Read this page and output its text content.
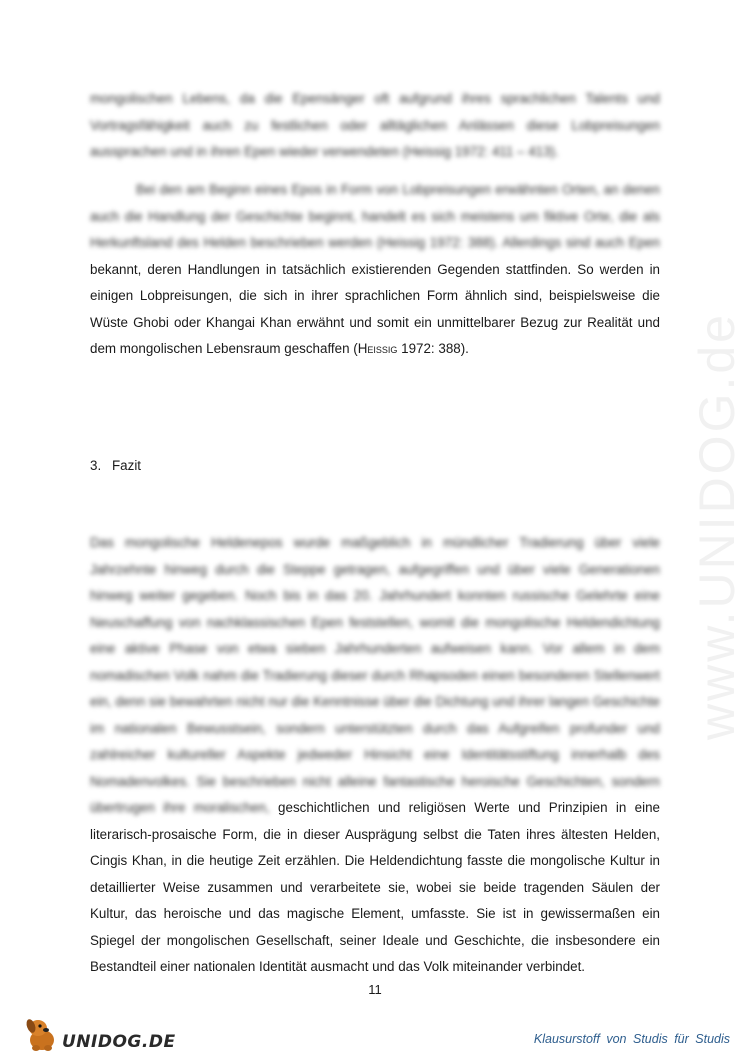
www.UNIDOG.de

mongolischen Lebens, da die Epensänger oft aufgrund ihres sprachlichen Talents und Vortragsfähigkeit auch zu festlichen oder alltäglichen Anlässen diese Lobpreisungen aussprachen und in ihren Epen wieder verwendeten (Heissig 1972: 411 – 413).

Bei den am Beginn eines Epos in Form von Lobpreisungen erwähnten Orten, an denen auch die Handlung der Geschichte beginnt, handelt es sich meistens um fiktive Orte, die als Herkunftsland des Helden beschrieben werden (Heissig 1972: 388). Allerdings sind auch Epen bekannt, deren Handlungen in tatsächlich existierenden Gegenden stattfinden. So werden in einigen Lobpreisungen, die sich in ihrer sprachlichen Form ähnlich sind, beispielsweise die Wüste Ghobi oder Khangai Khan erwähnt und somit ein unmittelbarer Bezug zur Realität und dem mongolischen Lebensraum geschaffen (Heissig 1972: 388).

3. Fazit

Das mongolische Heldenepos wurde maßgeblich in mündlicher Tradierung über viele Jahrzehnte hinweg durch die Steppe getragen, aufgegriffen und über viele Generationen hinweg weiter gegeben. Noch bis in das 20. Jahrhundert konnten russische Gelehrte eine Neuschaffung von nachklassischen Epen feststellen, womit die mongolische Heldendichtung eine aktive Phase von etwa sieben Jahrhunderten aufweisen kann. Vor allem in dem nomadischen Volk nahm die Tradierung dieser durch Rhapsoden einen besonderen Stellenwert ein, denn sie bewahrten nicht nur die Kenntnisse über die Dichtung und ihrer langen Geschichte im nationalen Bewusstsein, sondern unterstützten durch das Aufgreifen profunder und zahlreicher kultureller Aspekte jedweder Hinsicht eine Identitätsstiftung innerhalb des Nomadenvolkes. Sie beschrieben nicht alleine fantastische heroische Geschichten, sondern übertrugen ihre moralischen, geschichtlichen und religiösen Werte und Prinzipien in eine literarisch-prosaische Form, die in dieser Ausprägung selbst die Taten ihres ältesten Helden, Cingis Khan, in die heutige Zeit erzählen. Die Heldendichtung fasste die mongolische Kultur in detaillierter Weise zusammen und verarbeitete sie, wobei sie beide tragenden Säulen der Kultur, das heroische und das magische Element, umfasste. Sie ist in gewissermaßen ein Spiegel der mongolischen Gesellschaft, seiner Ideale und Geschichte, die insbesondere ein Bestandteil einer nationalen Identität ausmacht und das Volk miteinander verbindet.

11
UNIDOG.DE	Klausurstoff von Studis für Studis
